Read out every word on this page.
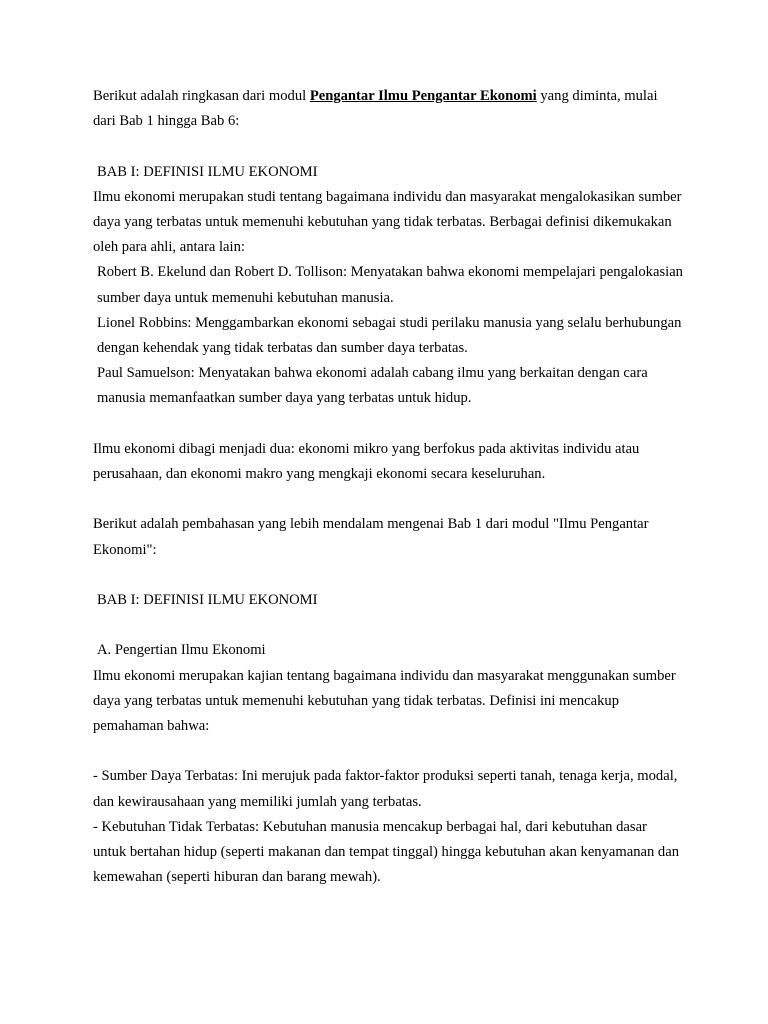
Berikut adalah ringkasan dari modul Pengantar Ilmu Pengantar Ekonomi yang diminta, mulai dari Bab 1 hingga Bab 6:

BAB I: DEFINISI ILMU EKONOMI

Ilmu ekonomi merupakan studi tentang bagaimana individu dan masyarakat mengalokasikan sumber daya yang terbatas untuk memenuhi kebutuhan yang tidak terbatas. Berbagai definisi dikemukakan oleh para ahli, antara lain:

Robert B. Ekelund dan Robert D. Tollison: Menyatakan bahwa ekonomi mempelajari pengalokasian sumber daya untuk memenuhi kebutuhan manusia.

Lionel Robbins: Menggambarkan ekonomi sebagai studi perilaku manusia yang selalu berhubungan dengan kehendak yang tidak terbatas dan sumber daya terbatas.

Paul Samuelson: Menyatakan bahwa ekonomi adalah cabang ilmu yang berkaitan dengan cara manusia memanfaatkan sumber daya yang terbatas untuk hidup.

Ilmu ekonomi dibagi menjadi dua: ekonomi mikro yang berfokus pada aktivitas individu atau perusahaan, dan ekonomi makro yang mengkaji ekonomi secara keseluruhan.

Berikut adalah pembahasan yang lebih mendalam mengenai Bab 1 dari modul "Ilmu Pengantar Ekonomi":

BAB I: DEFINISI ILMU EKONOMI

A. Pengertian Ilmu Ekonomi

Ilmu ekonomi merupakan kajian tentang bagaimana individu dan masyarakat menggunakan sumber daya yang terbatas untuk memenuhi kebutuhan yang tidak terbatas. Definisi ini mencakup pemahaman bahwa:

- Sumber Daya Terbatas: Ini merujuk pada faktor-faktor produksi seperti tanah, tenaga kerja, modal, dan kewirausahaan yang memiliki jumlah yang terbatas.

- Kebutuhan Tidak Terbatas: Kebutuhan manusia mencakup berbagai hal, dari kebutuhan dasar untuk bertahan hidup (seperti makanan dan tempat tinggal) hingga kebutuhan akan kenyamanan dan kemewahan (seperti hiburan dan barang mewah).
